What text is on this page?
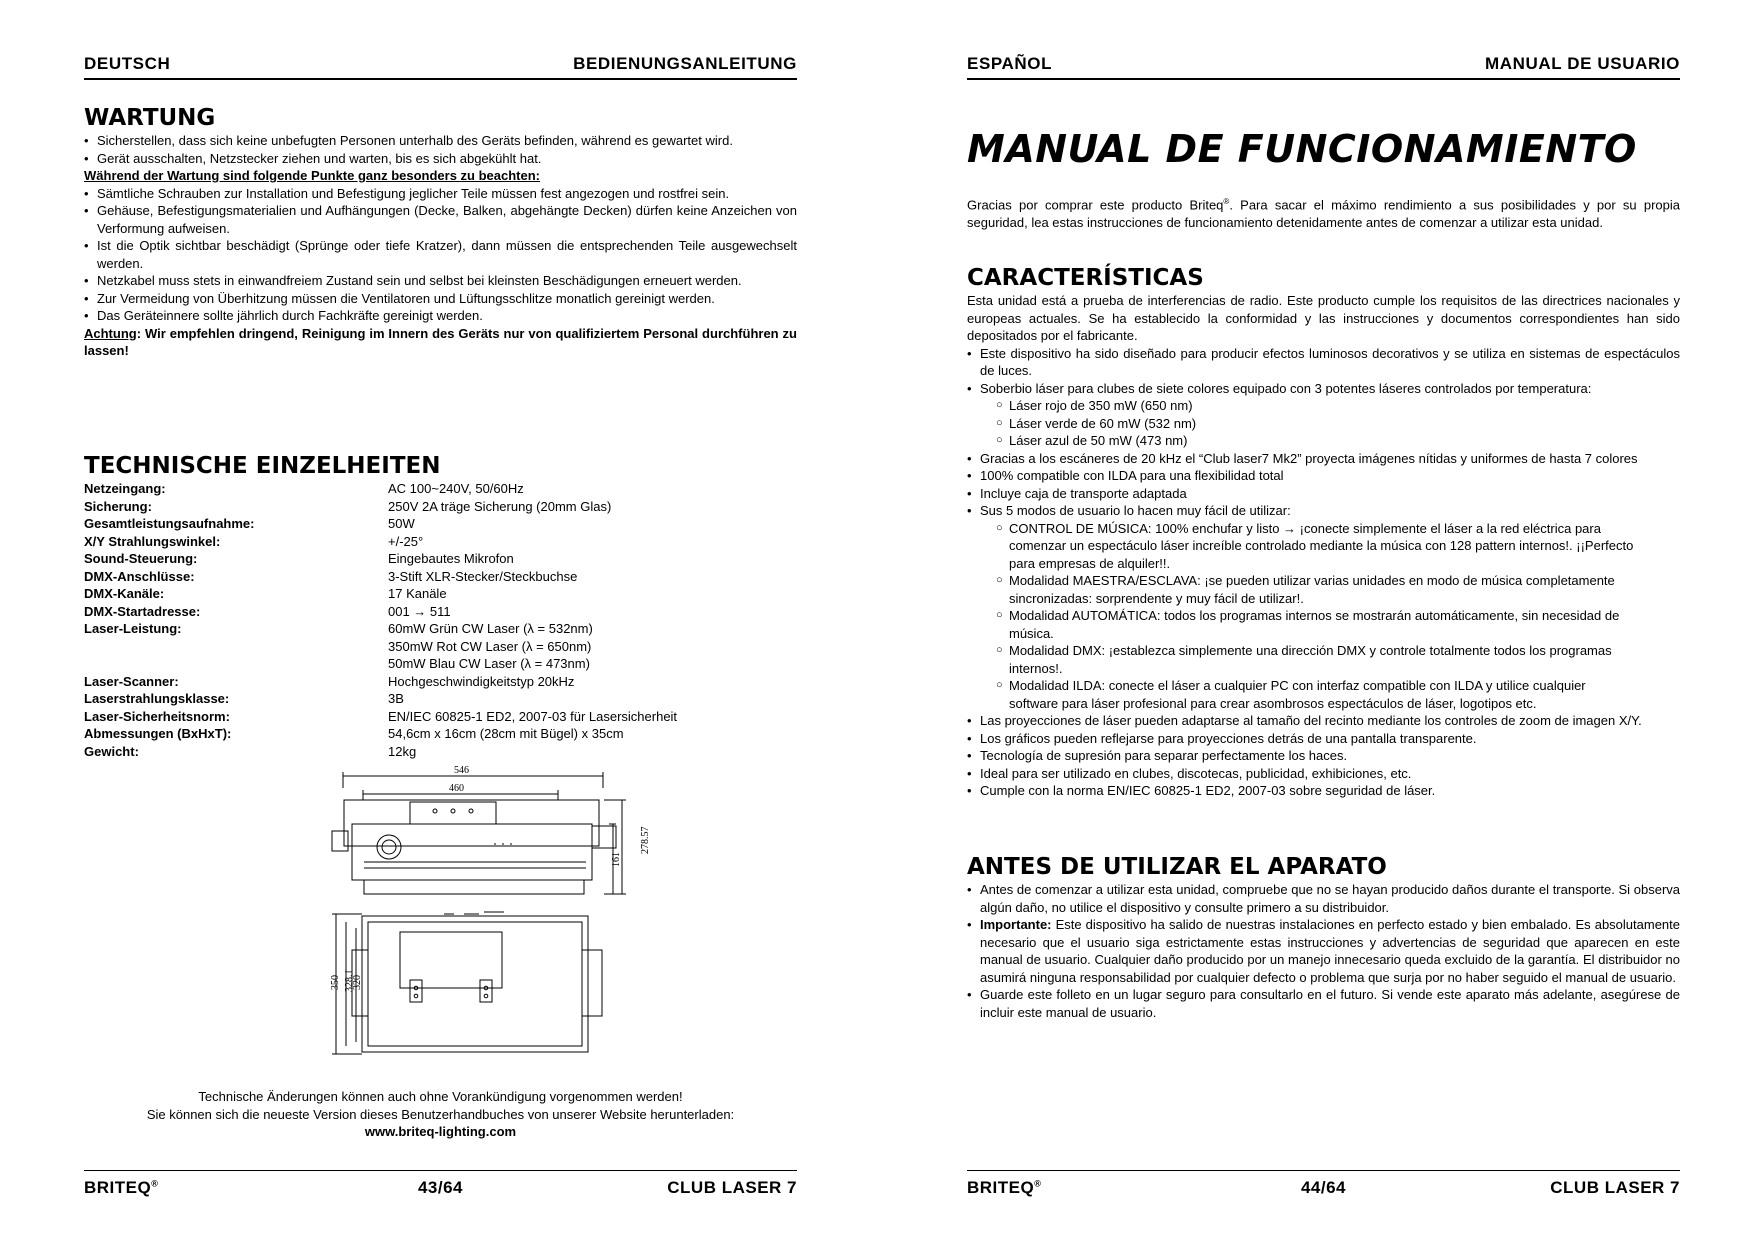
DEUTSCH	BEDIENUNGSANLEITUNG
WARTUNG
• Sicherstellen, dass sich keine unbefugten Personen unterhalb des Geräts befinden, während es gewartet wird.
• Gerät ausschalten, Netzstecker ziehen und warten, bis es sich abgekühlt hat.

Während der Wartung sind folgende Punkte ganz besonders zu beachten:

• Sämtliche Schrauben zur Installation und Befestigung jeglicher Teile müssen fest angezogen und rostfrei sein.
• Gehäuse, Befestigungsmaterialien und Aufhängungen (Decke, Balken, abgehängte Decken) dürfen keine Anzeichen von Verformung aufweisen.
• Ist die Optik sichtbar beschädigt (Sprünge oder tiefe Kratzer), dann müssen die entsprechenden Teile ausgewechselt werden.
• Netzkabel muss stets in einwandfreiem Zustand sein und selbst bei kleinsten Beschädigungen erneuert werden.
• Zur Vermeidung von Überhitzung müssen die Ventilatoren und Lüftungsschlitze monatlich gereinigt werden.
• Das Geräteinnere sollte jährlich durch Fachkräfte gereinigt werden.

Achtung: Wir empfehlen dringend, Reinigung im Innern des Geräts nur von qualifiziertem Personal durchführen zu lassen!

TECHNISCHE EINZELHEITEN
Netzeingang:	AC 100~240V, 50/60Hz
Sicherung:	250V 2A träge Sicherung (20mm Glas)
Gesamtleistungsaufnahme:	50W
X/Y Strahlungswinkel:	+/-25°
Sound-Steuerung:	Eingebautes Mikrofon
DMX-Anschlüsse:	3-Stift XLR-Stecker/Steckbuchse
DMX-Kanäle:	17 Kanäle
DMX-Startadresse:	001 → 511
Laser-Leistung:	60mW Grün CW Laser (λ = 532nm)
	350mW Rot CW Laser (λ = 650nm)
	50mW Blau CW Laser (λ = 473nm)
Laser-Scanner:	Hochgeschwindigkeitstyp 20kHz
Laserstrahlungsklasse:	3B
Laser-Sicherheitsnorm:	EN/IEC 60825-1 ED2, 2007-03 für Lasersicherheit
Abmessungen (BxHxT):	54,6cm x 16cm (28cm mit Bügel) x 35cm
Gewicht:	12kg
546
460
278.57
161
350 328.1
320

Technische Änderungen können auch ohne Vorankündigung vorgenommen werden!

Sie können sich die neueste Version dieses Benutzerhandbuches von unserer Website herunterladen:

www.briteq-lighting.com

BRITEQ®	43/64	CLUB LASER 7
ESPAÑOL	MANUAL DE USUARIO
MANUAL DE FUNCIONAMIENTO

Gracias por comprar este producto Briteq®. Para sacar el máximo rendimiento a sus posibilidades y por su propia seguridad, lea estas instrucciones de funcionamiento detenidamente antes de comenzar a utilizar esta unidad.

CARACTERÍSTICAS

Esta unidad está a prueba de interferencias de radio. Este producto cumple los requisitos de las directrices nacionales y europeas actuales. Se ha establecido la conformidad y las instrucciones y documentos correspondientes han sido depositados por el fabricante.

• Este dispositivo ha sido diseñado para producir efectos luminosos decorativos y se utiliza en sistemas de espectáculos de luces.
• Soberbio láser para clubes de siete colores equipado con 3 potentes láseres controlados por temperatura:
○ Láser rojo de 350 mW (650 nm)
○ Láser verde de 60 mW (532 nm)
○ Láser azul de 50 mW (473 nm)
• Gracias a los escáneres de 20 kHz el “Club laser7 Mk2” proyecta imágenes nítidas y uniformes de hasta 7 colores
• 100% compatible con ILDA para una flexibilidad total
• Incluye caja de transporte adaptada
• Sus 5 modos de usuario lo hacen muy fácil de utilizar:
○ CONTROL DE MÚSICA: 100% enchufar y listo → ¡conecte simplemente el láser a la red eléctrica para comenzar un espectáculo láser increíble controlado mediante la música con 128 pattern internos!. ¡¡Perfecto para empresas de alquiler!!.
○ Modalidad MAESTRA/ESCLAVA: ¡se pueden utilizar varias unidades en modo de música completamente sincronizadas: sorprendente y muy fácil de utilizar!.
○ Modalidad AUTOMÁTICA: todos los programas internos se mostrarán automáticamente, sin necesidad de música.
○ Modalidad DMX: ¡establezca simplemente una dirección DMX y controle totalmente todos los programas internos!.
○ Modalidad ILDA: conecte el láser a cualquier PC con interfaz compatible con ILDA y utilice cualquier software para láser profesional para crear asombrosos espectáculos de láser, logotipos etc.
• Las proyecciones de láser pueden adaptarse al tamaño del recinto mediante los controles de zoom de imagen X/Y.
• Los gráficos pueden reflejarse para proyecciones detrás de una pantalla transparente.
• Tecnología de supresión para separar perfectamente los haces.
• Ideal para ser utilizado en clubes, discotecas, publicidad, exhibiciones, etc.
• Cumple con la norma EN/IEC 60825-1 ED2, 2007-03 sobre seguridad de láser.
ANTES DE UTILIZAR EL APARATO
• Antes de comenzar a utilizar esta unidad, compruebe que no se hayan producido daños durante el transporte. Si observa algún daño, no utilice el dispositivo y consulte primero a su distribuidor.
• Importante: Este dispositivo ha salido de nuestras instalaciones en perfecto estado y bien embalado. Es absolutamente necesario que el usuario siga estrictamente estas instrucciones y advertencias de seguridad que aparecen en este manual de usuario. Cualquier daño producido por un manejo innecesario queda excluido de la garantía. El distribuidor no asumirá ninguna responsabilidad por cualquier defecto o problema que surja por no haber seguido el manual de usuario.
• Guarde este folleto en un lugar seguro para consultarlo en el futuro. Si vende este aparato más adelante, asegúrese de incluir este manual de usuario.
BRITEQ®	44/64	CLUB LASER 7
